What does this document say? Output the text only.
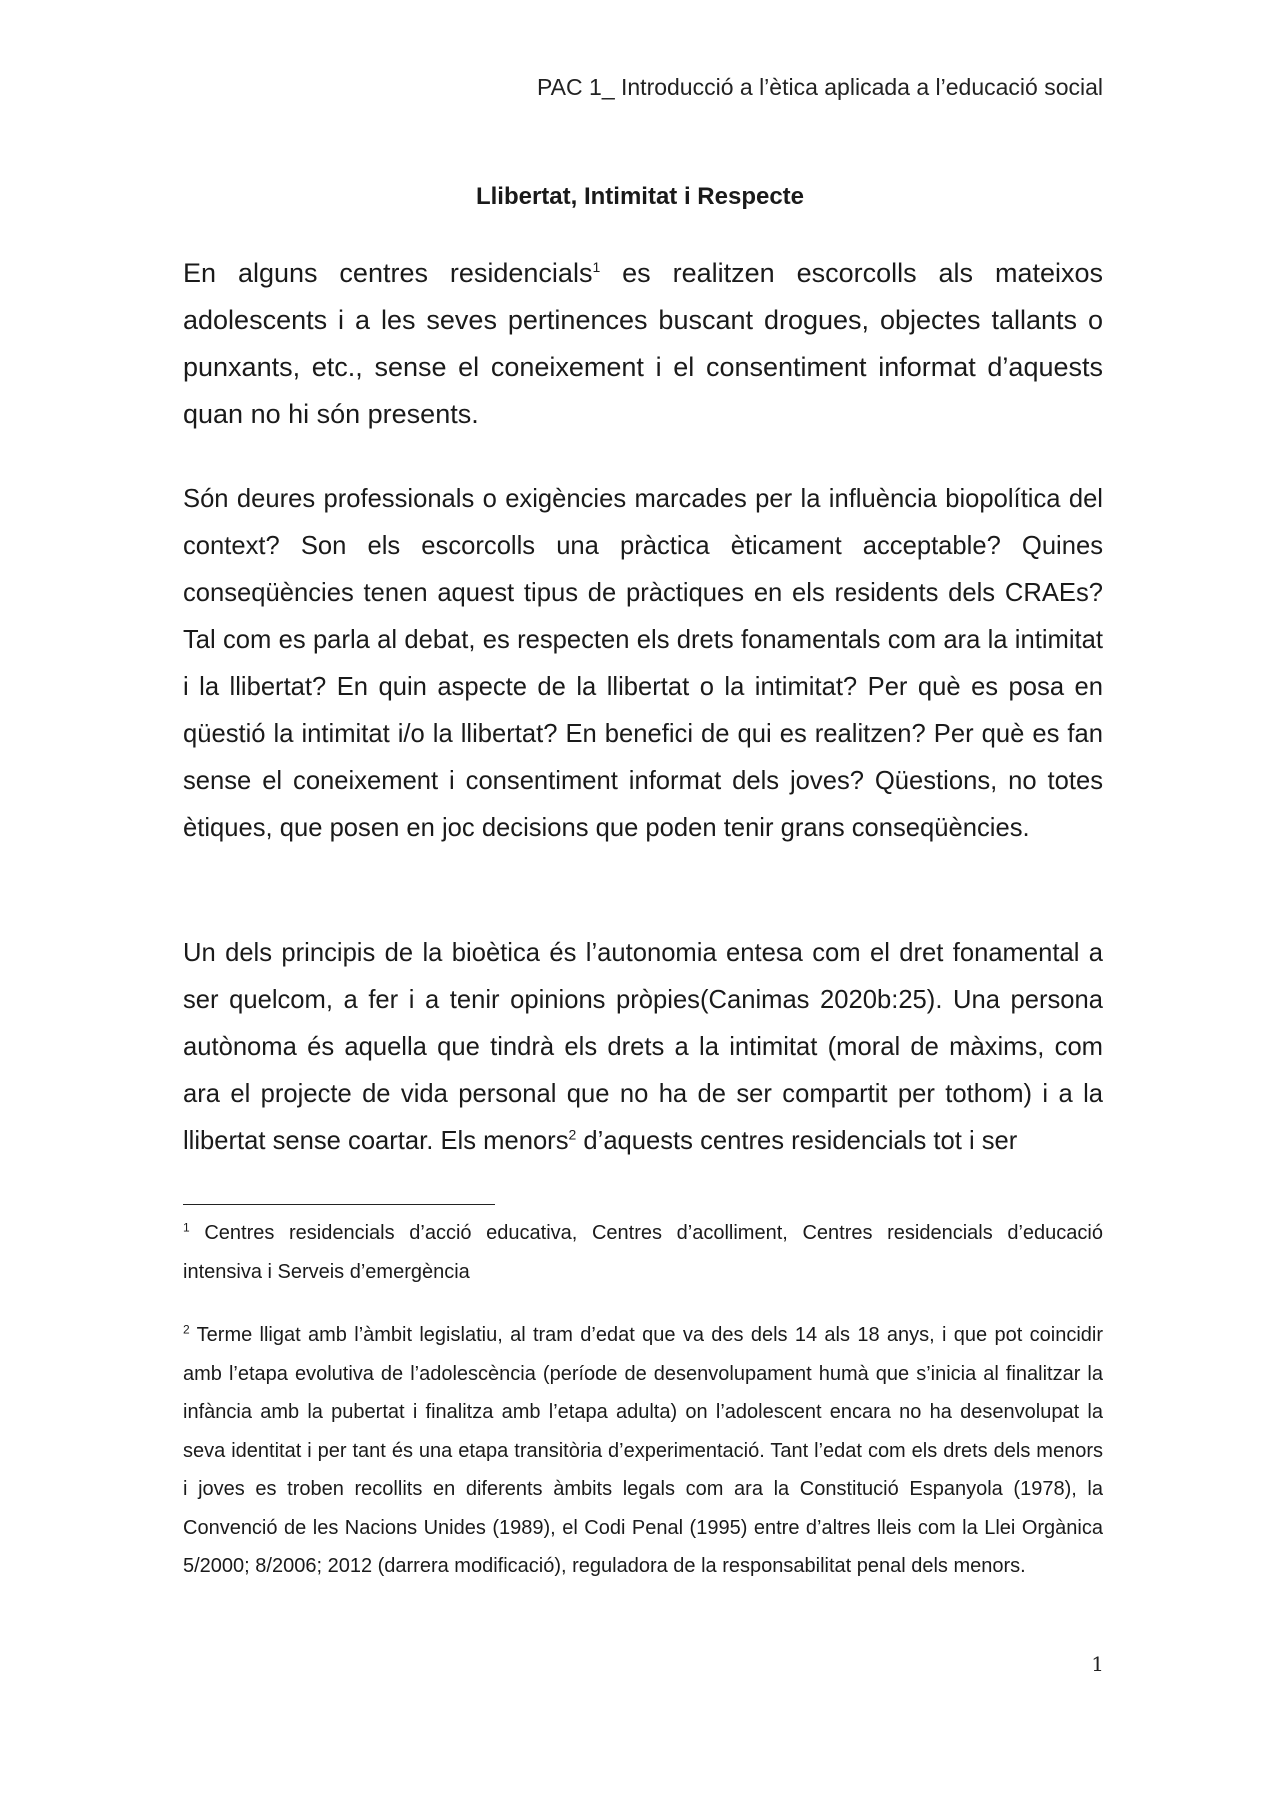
PAC 1_ Introducció a l’ètica aplicada a l’educació social
Llibertat, Intimitat i Respecte

En alguns centres residencials$^1$ es realitzen escorcolls als mateixos adolescents i a les seves pertinences buscant drogues, objectes tallants o punxants, etc., sense el coneixement i el consentiment informat d’aquests quan no hi són presents.

Són deures professionals o exigències marcades per la influència biopolítica del context? Son els escorcolls una pràctica èticament acceptable? Quines conseqüències tenen aquest tipus de pràctiques en els residents dels CRAEs? Tal com es parla al debat, es respecten els drets fonamentals com ara la intimitat i la llibertat? En quin aspecte de la llibertat o la intimitat? Per què es posa en qüestió la intimitat i/o la llibertat? En benefici de qui es realitzen? Per què es fan sense el coneixement i consentiment informat dels joves? Qüestions, no totes ètiques, que posen en joc decisions que poden tenir grans conseqüències.

Un dels principis de la bioètica és l’autonomia entesa com el dret fonamental a ser quelcom, a fer i a tenir opinions pròpies(Canimas 2020b:25). Una persona autònoma és aquella que tindrà els drets a la intimitat (moral de màxims, com ara el projecte de vida personal que no ha de ser compartit per tothom) i a la llibertat sense coartar. Els menors$^2$ d’aquests centres residencials tot i ser

$^1$ Centres residencials d’acció educativa, Centres d’acolliment, Centres residencials d’educació intensiva i Serveis d’emergència

$^2$ Terme lligat amb l’àmbit legislatiu, al tram d’edat que va des dels 14 als 18 anys, i que pot coincidir amb l’etapa evolutiva de l’adolescència (període de desenvolupament humà que s’inicia al finalitzar la infància amb la pubertat i finalitza amb l’etapa adulta) on l’adolescent encara no ha desenvolupat la seva identitat i per tant és una etapa transitòria d’experimentació. Tant l’edat com els drets dels menors i joves es troben recollits en diferents àmbits legals com ara la Constitució Espanyola (1978), la Convenció de les Nacions Unides (1989), el Codi Penal (1995) entre d’altres lleis com la Llei Orgànica 5/2000; 8/2006; 2012 (darrera modificació), reguladora de la responsabilitat penal dels menors.

1
